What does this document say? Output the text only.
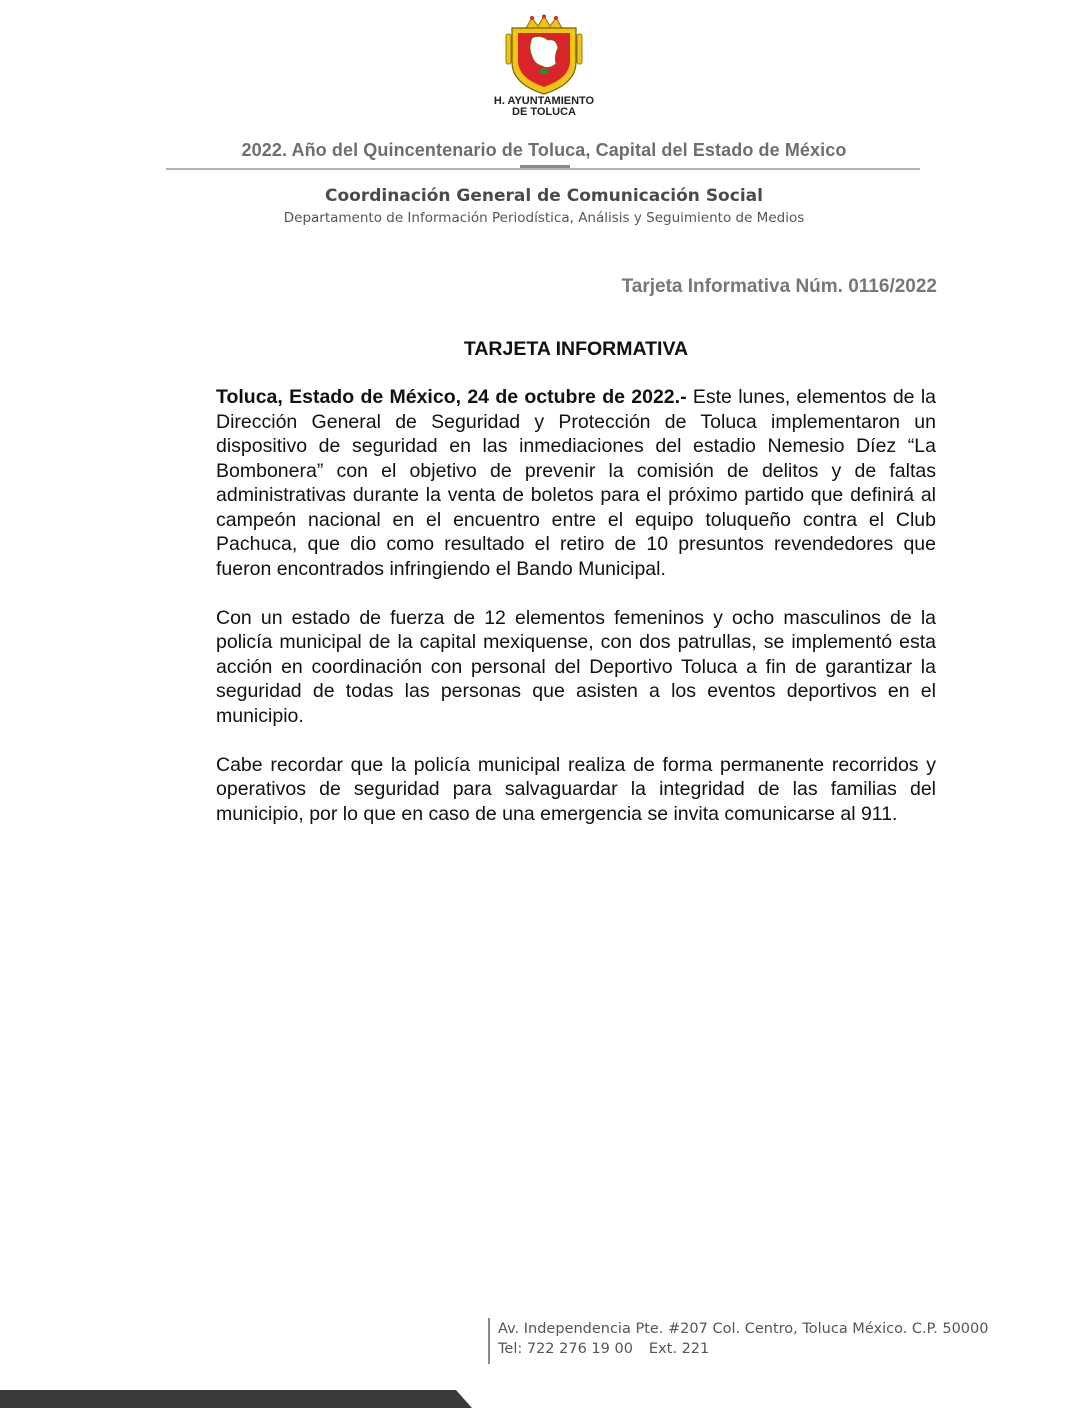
H. AYUNTAMIENTO
DE TOLUCA
2022. Año del Quincentenario de Toluca, Capital del Estado de México
Coordinación General de Comunicación Social
Departamento de Información Periodística, Análisis y Seguimiento de Medios
Tarjeta Informativa Núm. 0116/2022
TARJETA INFORMATIVA

Toluca, Estado de México, 24 de octubre de 2022.- Este lunes, elementos de la Dirección General de Seguridad y Protección de Toluca implementaron un dispositivo de seguridad en las inmediaciones del estadio Nemesio Díez “La Bombonera” con el objetivo de prevenir la comisión de delitos y de faltas administrativas durante la venta de boletos para el próximo partido que definirá al campeón nacional en el encuentro entre el equipo toluqueño contra el Club Pachuca, que dio como resultado el retiro de 10 presuntos revendedores que fueron encontrados infringiendo el Bando Municipal.

Con un estado de fuerza de 12 elementos femeninos y ocho masculinos de la policía municipal de la capital mexiquense, con dos patrullas, se implementó esta acción en coordinación con personal del Deportivo Toluca a fin de garantizar la seguridad de todas las personas que asisten a los eventos deportivos en el municipio.

Cabe recordar que la policía municipal realiza de forma permanente recorridos y operativos de seguridad para salvaguardar la integridad de las familias del municipio, por lo que en caso de una emergencia se invita comunicarse al 911.

Av. Independencia Pte. #207 Col. Centro, Toluca México. C.P. 50000
Tel: 722 276 19 00 Ext. 221
